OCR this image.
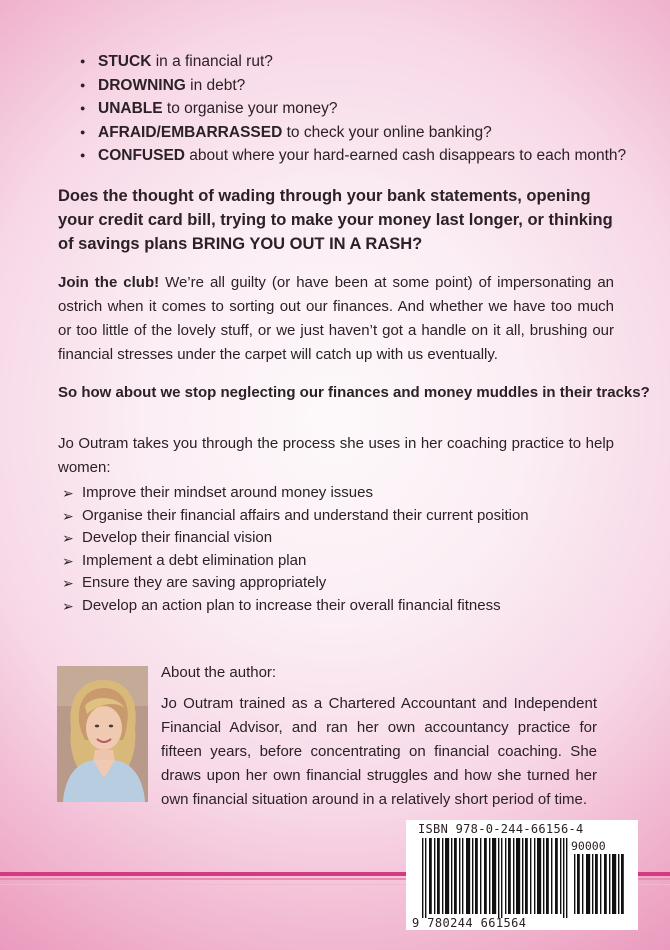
● STUCK in a financial rut?
● DROWNING in debt?
● UNABLE to organise your money?
● AFRAID/EMBARRASSED to check your online banking?
● CONFUSED about where your hard-earned cash disappears to each month?
Does the thought of wading through your bank statements, opening your credit card bill, trying to make your money last longer, or thinking of savings plans BRING YOU OUT IN A RASH?
Join the club! We’re all guilty (or have been at some point) of impersonating an ostrich when it comes to sorting out our finances. And whether we have too much or too little of the lovely stuff, or we just haven’t got a handle on it all, brushing our financial stresses under the carpet will catch up with us eventually.
So how about we stop neglecting our finances and money muddles in their tracks?
Jo Outram takes you through the process she uses in her coaching practice to help women:
➢ Improve their mindset around money issues
➢ Organise their financial affairs and understand their current position
➢ Develop their financial vision
➢ Implement a debt elimination plan
➢ Ensure they are saving appropriately
➢ Develop an action plan to increase their overall financial fitness

About the author:

Jo Outram trained as a Chartered Accountant and Independent Financial Advisor, and ran her own accountancy practice for fifteen years, before concentrating on financial coaching. She draws upon her own financial struggles and how she turned her own financial situation around in a relatively short period of time.

ISBN 978-0-244-66156-4
90000
9 780244 661564
